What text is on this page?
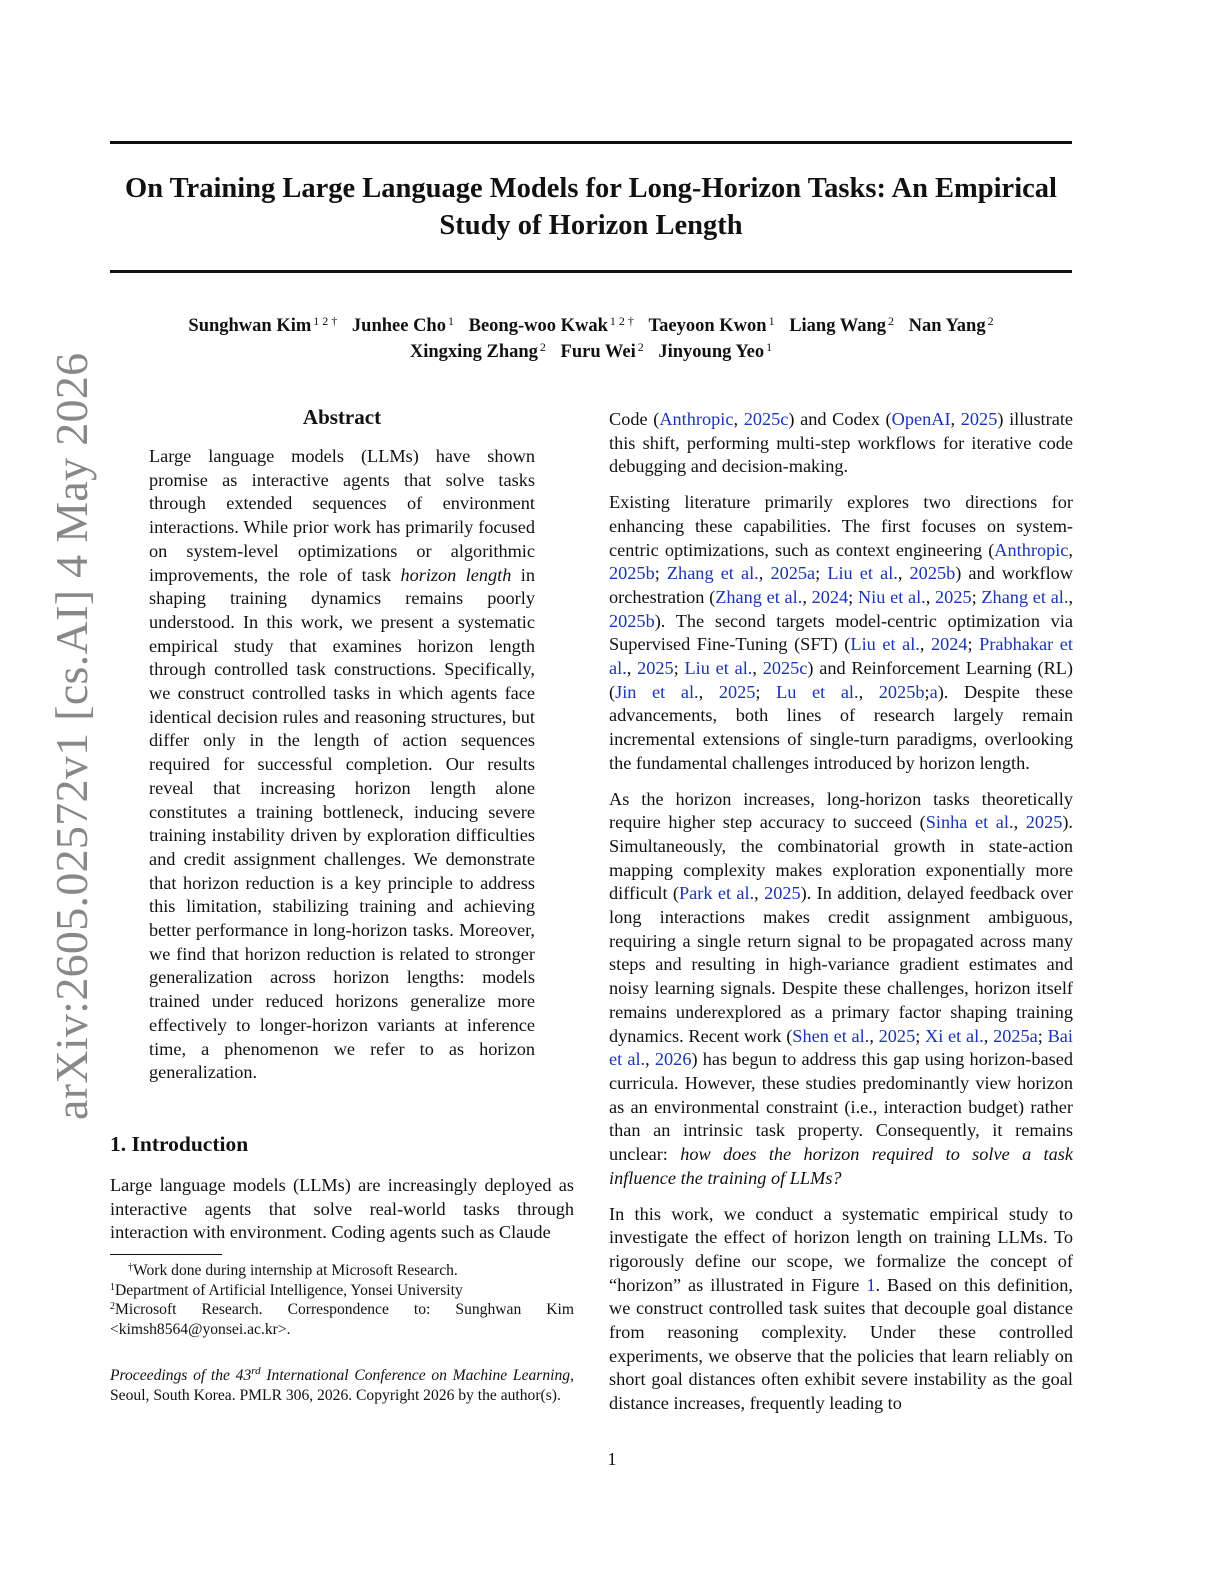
On Training Large Language Models for Long-Horizon Tasks: An Empirical Study of Horizon Length
Sunghwan Kim $^{1 2 \dagger}$ Junhee Cho $^1$ Beong-woo Kwak $^{1 2 \dagger}$ Taeyoon Kwon $^1$ Liang Wang $^2$ Nan Yang $^2$
Xingxing Zhang $^2$ Furu Wei $^2$ Jinyoung Yeo $^1$
arXiv:2605.02572v1 [cs.AI] 4 May 2026	Abstract
Large language models (LLMs) have shown promise as interactive agents that solve tasks through extended sequences of environment interactions. While prior work has primarily focused on system-level optimizations or algorithmic improvements, the role of task horizon length in shaping training dynamics remains poorly understood. In this work, we present a systematic empirical study that examines horizon length through controlled task constructions. Specifically, we construct controlled tasks in which agents face identical decision rules and reasoning structures, but differ only in the length of action sequences required for successful completion. Our results reveal that increasing horizon length alone constitutes a training bottleneck, inducing severe training instability driven by exploration difficulties and credit assignment challenges. We demonstrate that horizon reduction is a key principle to address this limitation, stabilizing training and achieving better performance in long-horizon tasks. Moreover, we find that horizon reduction is related to stronger generalization across horizon lengths: models trained under reduced horizons generalize more effectively to longer-horizon variants at inference time, a phenomenon we refer to as horizon generalization.
1. Introduction
Large language models (LLMs) are increasingly deployed as interactive agents that solve real-world tasks through interaction with environment. Coding agents such as Claude

†Work done during internship at Microsoft Research.

$^1$Department of Artificial Intelligence, Yonsei University

$^2$Microsoft Research. Correspondence to: Sunghwan Kim <kimsh8564@yonsei.ac.kr>.

Proceedings of the 43rd International Conference on Machine Learning, Seoul, South Korea. PMLR 306, 2026. Copyright 2026 by the author(s).

Code (Anthropic, 2025c) and Codex (OpenAI, 2025) illustrate this shift, performing multi-step workflows for iterative code debugging and decision-making.

Existing literature primarily explores two directions for enhancing these capabilities. The first focuses on system-centric optimizations, such as context engineering (Anthropic, 2025b; Zhang et al., 2025a; Liu et al., 2025b) and workflow orchestration (Zhang et al., 2024; Niu et al., 2025; Zhang et al., 2025b). The second targets model-centric optimization via Supervised Fine-Tuning (SFT) (Liu et al., 2024; Prabhakar et al., 2025; Liu et al., 2025c) and Reinforcement Learning (RL) (Jin et al., 2025; Lu et al., 2025b;a). Despite these advancements, both lines of research largely remain incremental extensions of single-turn paradigms, overlooking the fundamental challenges introduced by horizon length.

As the horizon increases, long-horizon tasks theoretically require higher step accuracy to succeed (Sinha et al., 2025). Simultaneously, the combinatorial growth in state-action mapping complexity makes exploration exponentially more difficult (Park et al., 2025). In addition, delayed feedback over long interactions makes credit assignment ambiguous, requiring a single return signal to be propagated across many steps and resulting in high-variance gradient estimates and noisy learning signals. Despite these challenges, horizon itself remains underexplored as a primary factor shaping training dynamics. Recent work (Shen et al., 2025; Xi et al., 2025a; Bai et al., 2026) has begun to address this gap using horizon-based curricula. However, these studies predominantly view horizon as an environmental constraint (i.e., interaction budget) rather than an intrinsic task property. Consequently, it remains unclear: how does the horizon required to solve a task influence the training of LLMs?

In this work, we conduct a systematic empirical study to investigate the effect of horizon length on training LLMs. To rigorously define our scope, we formalize the concept of “horizon” as illustrated in Figure 1. Based on this definition, we construct controlled task suites that decouple goal distance from reasoning complexity. Under these controlled experiments, we observe that the policies that learn reliably on short goal distances often exhibit severe instability as the goal distance increases, frequently leading to

1
